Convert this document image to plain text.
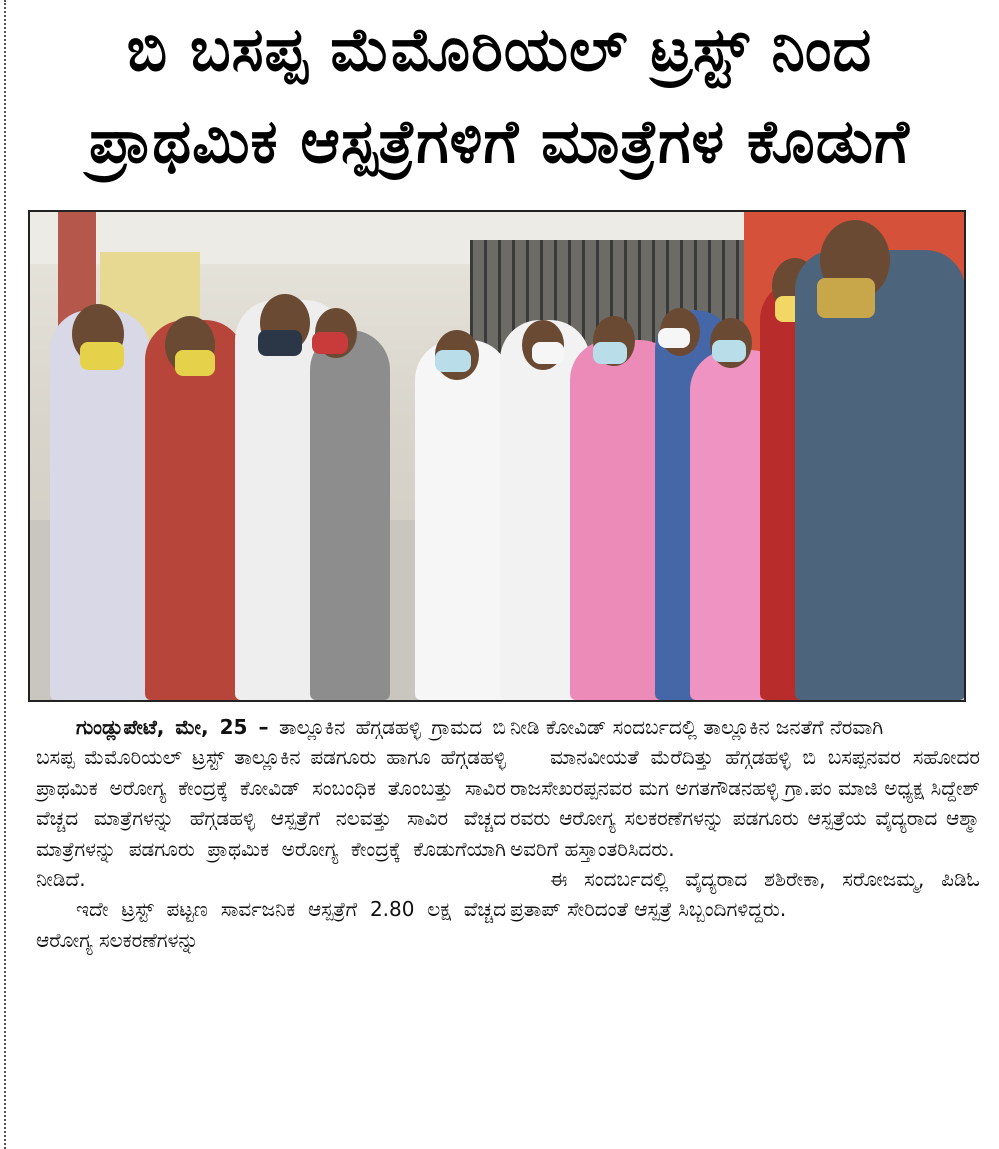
ಬಿ ಬಸಪ್ಪ ಮೆಮೊರಿಯಲ್ ಟ್ರಸ್ಟ್ ನಿಂದ
ಪ್ರಾಥಮಿಕ ಆಸ್ಪತ್ರೆಗಳಿಗೆ ಮಾತ್ರೆಗಳ ಕೊಡುಗೆ

ಗುಂಡ್ಲುಪೇಟೆ, ಮೇ, 25 – ತಾಲ್ಲೂಕಿನ ಹೆಗ್ಗಡಹಳ್ಳಿ ಗ್ರಾಮದ ಬಿ ಬಸಪ್ಪ ಮೆಮೊರಿಯಲ್ ಟ್ರಸ್ಟ್ ತಾಲ್ಲೂಕಿನ ಪಡಗೂರು ಹಾಗೂ ಹೆಗ್ಗಡಹಳ್ಳಿ ಪ್ರಾಥಮಿಕ ಅರೋಗ್ಯ ಕೇಂದ್ರಕ್ಕೆ ಕೋವಿಡ್ ಸಂಬಂಧಿಕ ತೊಂಬತ್ತು ಸಾವಿರ ವೆಚ್ಚದ ಮಾತ್ರೆಗಳನ್ನು ಹೆಗ್ಗಡಹಳ್ಳಿ ಆಸ್ಪತ್ರೆಗೆ ನಲವತ್ತು ಸಾವಿರ ವೆಚ್ಚದ ಮಾತ್ರೆಗಳನ್ನು ಪಡಗೂರು ಪ್ರಾಥಮಿಕ ಅರೋಗ್ಯ ಕೇಂದ್ರಕ್ಕೆ ಕೊಡುಗೆಯಾಗಿ ನೀಡಿದೆ.

ಇದೇ ಟ್ರಸ್ಟ್ ಪಟ್ಟಣ ಸಾರ್ವಜನಿಕ ಆಸ್ಪತ್ರೆಗೆ 2.80 ಲಕ್ಷ ವೆಚ್ಚದ ಆರೋಗ್ಯ ಸಲಕರಣೆಗಳನ್ನು

ನೀಡಿ ಕೋವಿಡ್ ಸಂದರ್ಬದಲ್ಲಿ ತಾಲ್ಲೂಕಿನ ಜನತೆಗೆ ನೆರವಾಗಿ

ಮಾನವೀಯತೆ ಮೆರೆದಿತ್ತು ಹೆಗ್ಗಡಹಳ್ಳಿ ಬಿ ಬಸಪ್ಪನವರ ಸಹೋದರ ರಾಜಸೇಖರಪ್ಪನವರ ಮಗ ಅಗತಗೌಡನಹಳ್ಳಿ ಗ್ರಾ.ಪಂ ಮಾಜಿ ಅಧ್ಯಕ್ಷ ಸಿದ್ದೇಶ್ ರವರು ಆರೋಗ್ಯ ಸಲಕರಣೆಗಳನ್ನು ಪಡಗೂರು ಆಸ್ಪತ್ರೆಯ ವೈದ್ಯರಾದ ಆಶ್ಮಾ ಅವರಿಗೆ ಹಸ್ತಾಂತರಿಸಿದರು.

ಈ ಸಂದರ್ಬದಲ್ಲಿ ವೈದ್ಯರಾದ ಶಶಿರೇಕಾ, ಸರೋಜಮ್ಮ, ಪಿಡಿಓ ಪ್ರತಾಪ್ ಸೇರಿದಂತೆ ಆಸ್ಪತ್ರೆ ಸಿಬ್ಬಂದಿಗಳಿದ್ದರು.
